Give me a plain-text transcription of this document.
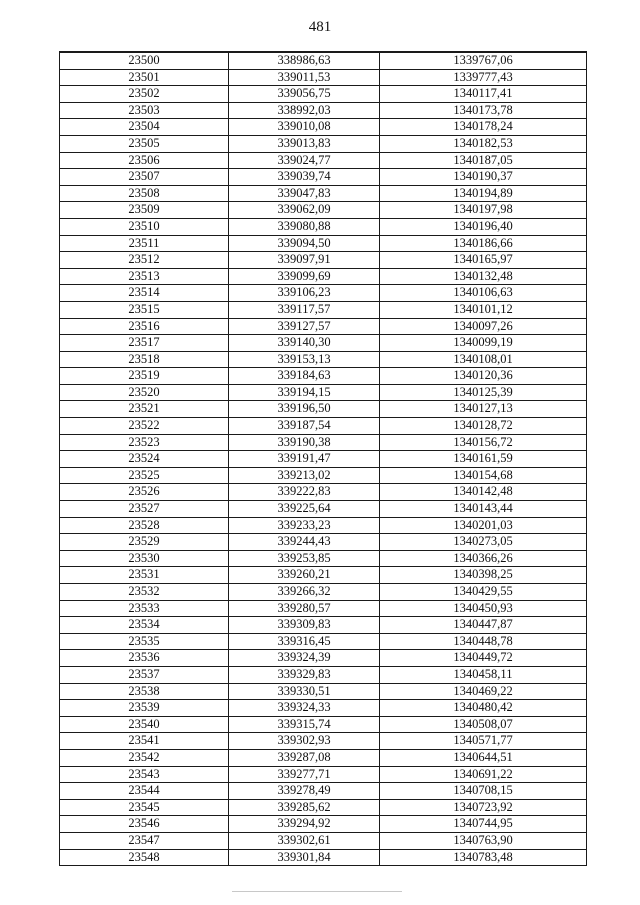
481
23500	338986,63	1339767,06
23501	339011,53	1339777,43
23502	339056,75	1340117,41
23503	338992,03	1340173,78
23504	339010,08	1340178,24
23505	339013,83	1340182,53
23506	339024,77	1340187,05
23507	339039,74	1340190,37
23508	339047,83	1340194,89
23509	339062,09	1340197,98
23510	339080,88	1340196,40
23511	339094,50	1340186,66
23512	339097,91	1340165,97
23513	339099,69	1340132,48
23514	339106,23	1340106,63
23515	339117,57	1340101,12
23516	339127,57	1340097,26
23517	339140,30	1340099,19
23518	339153,13	1340108,01
23519	339184,63	1340120,36
23520	339194,15	1340125,39
23521	339196,50	1340127,13
23522	339187,54	1340128,72
23523	339190,38	1340156,72
23524	339191,47	1340161,59
23525	339213,02	1340154,68
23526	339222,83	1340142,48
23527	339225,64	1340143,44
23528	339233,23	1340201,03
23529	339244,43	1340273,05
23530	339253,85	1340366,26
23531	339260,21	1340398,25
23532	339266,32	1340429,55
23533	339280,57	1340450,93
23534	339309,83	1340447,87
23535	339316,45	1340448,78
23536	339324,39	1340449,72
23537	339329,83	1340458,11
23538	339330,51	1340469,22
23539	339324,33	1340480,42
23540	339315,74	1340508,07
23541	339302,93	1340571,77
23542	339287,08	1340644,51
23543	339277,71	1340691,22
23544	339278,49	1340708,15
23545	339285,62	1340723,92
23546	339294,92	1340744,95
23547	339302,61	1340763,90
23548	339301,84	1340783,48
